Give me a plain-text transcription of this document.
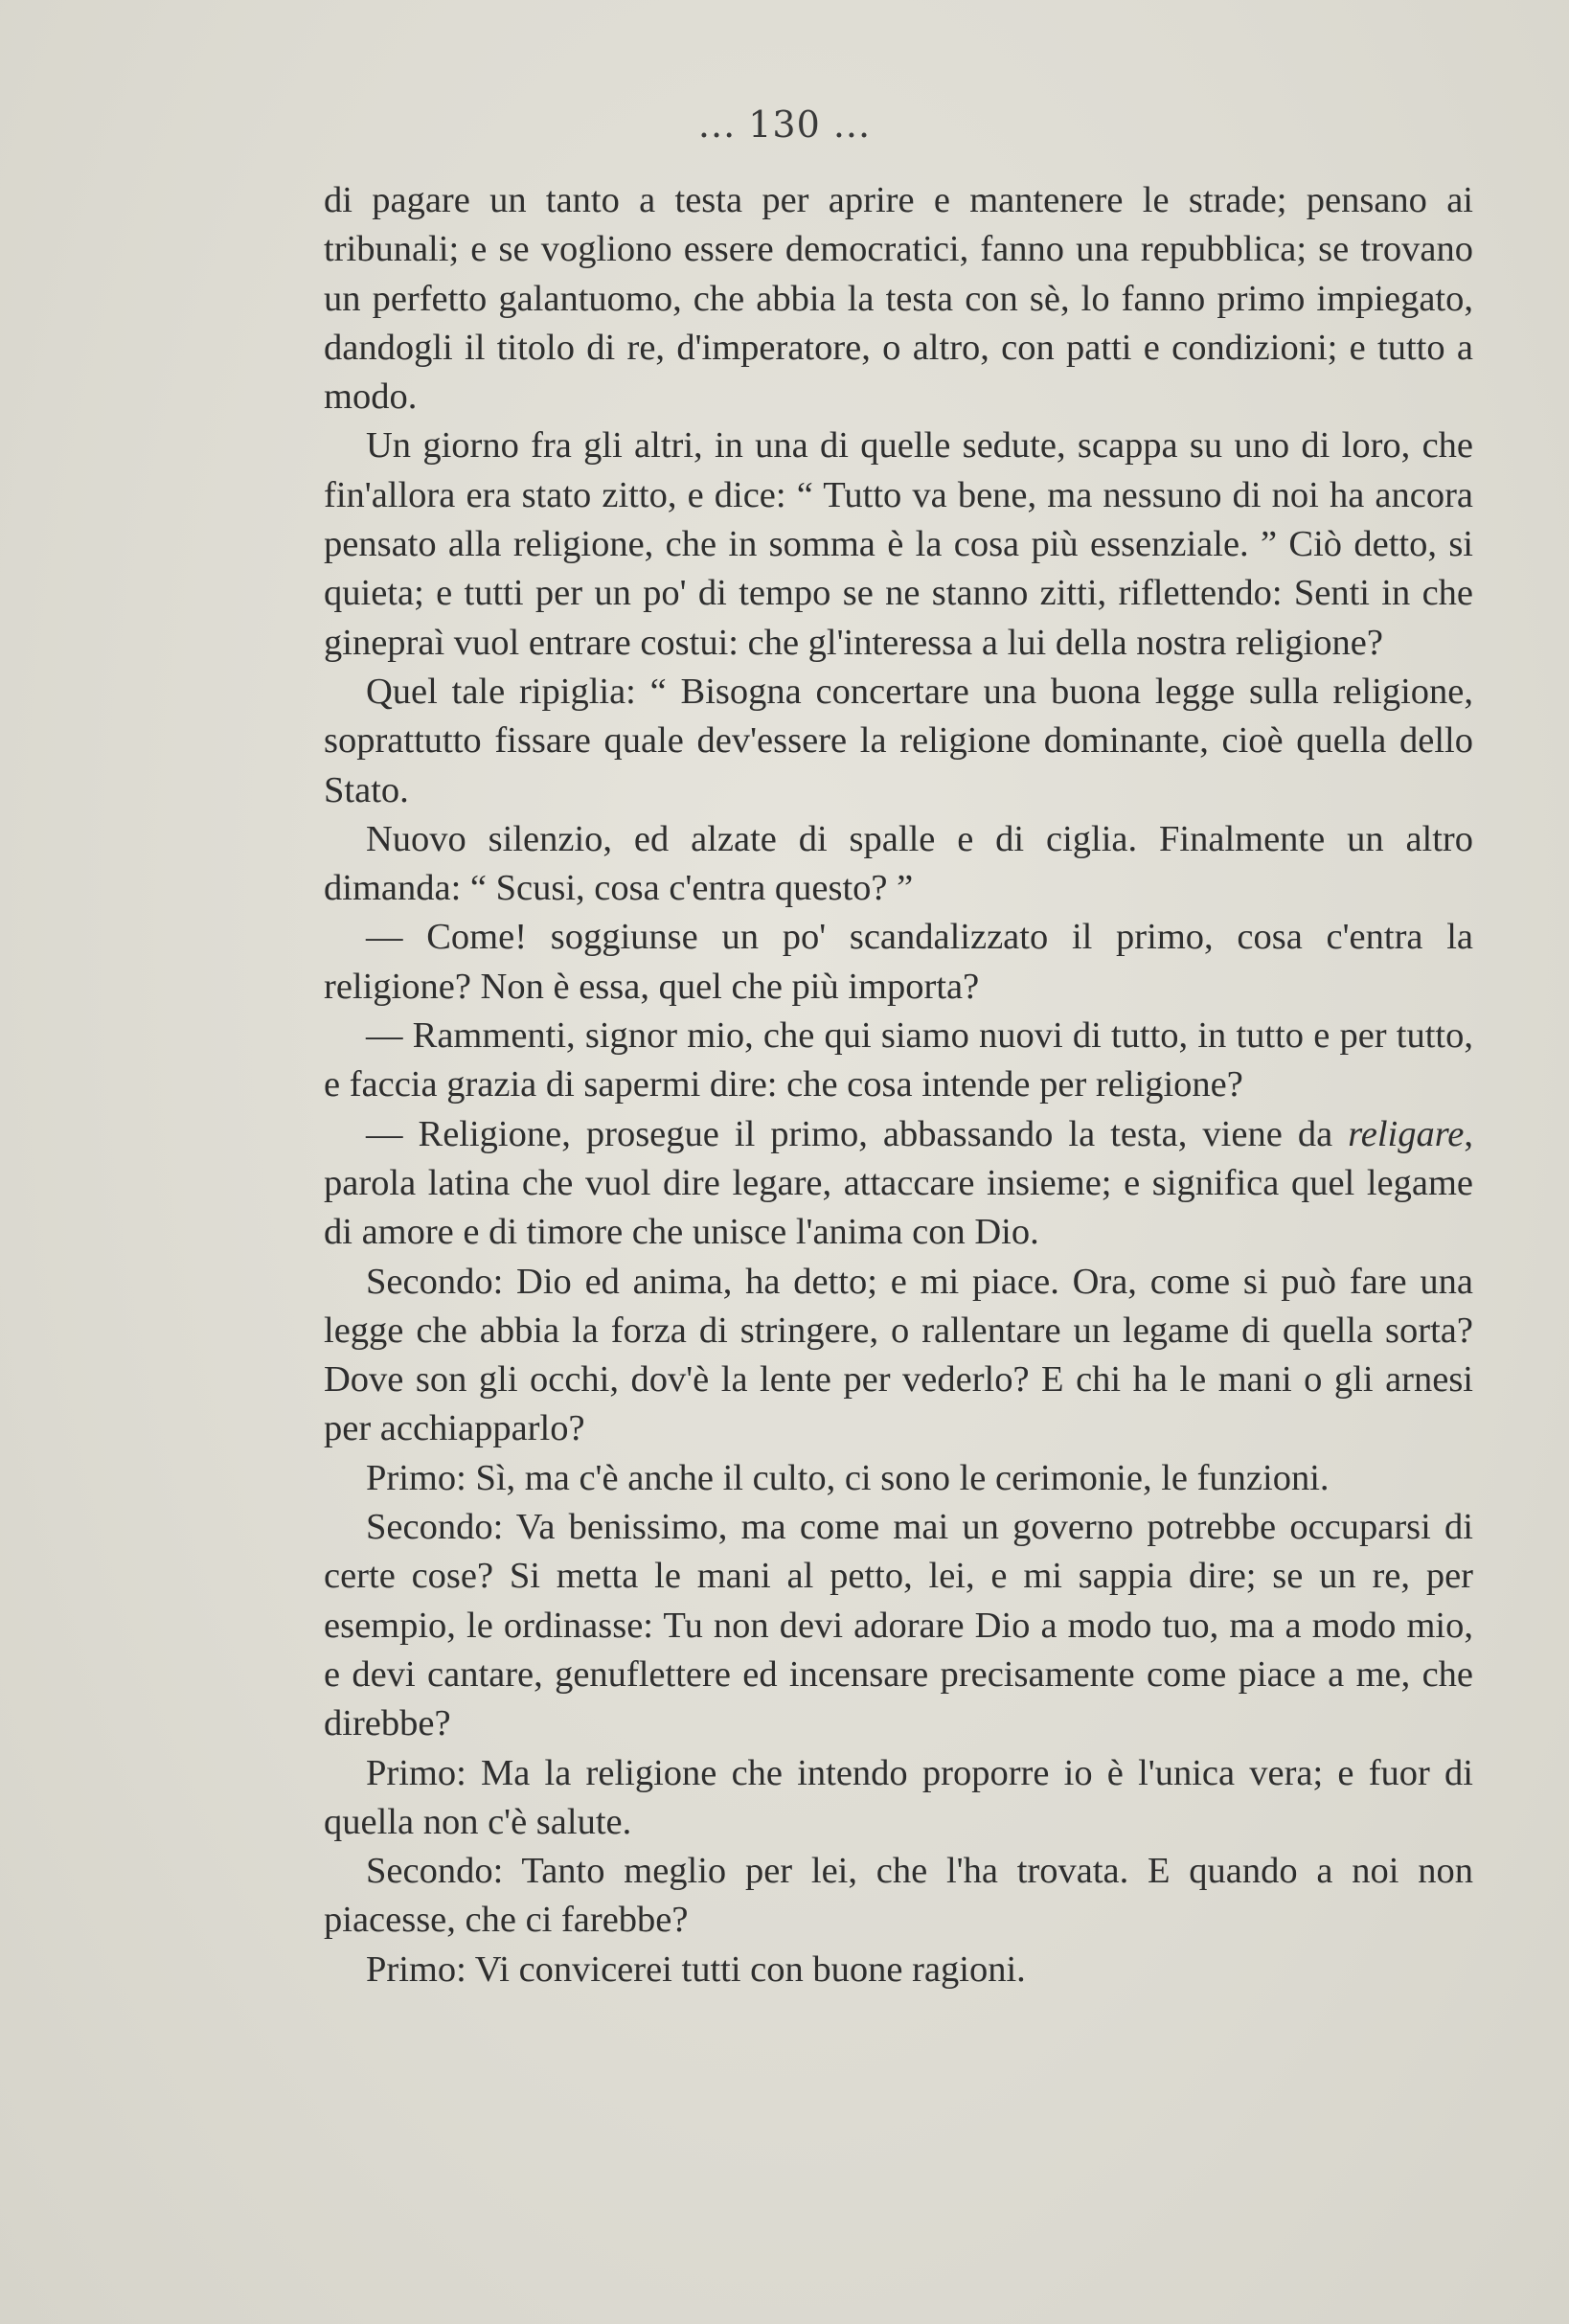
... 130 ...

di pagare un tanto a testa per aprire e mantenere le strade; pensano ai tribunali; e se vogliono essere democratici, fanno una repubblica; se trovano un perfetto galantuomo, che abbia la testa con sè, lo fanno primo impiegato, dandogli il titolo di re, d'imperatore, o altro, con patti e condizioni; e tutto a modo.

Un giorno fra gli altri, in una di quelle sedute, scappa su uno di loro, che fin'allora era stato zitto, e dice: “ Tutto va bene, ma nessuno di noi ha ancora pensato alla religione, che in somma è la cosa più essenziale. ” Ciò detto, si quieta; e tutti per un po' di tempo se ne stanno zitti, riflettendo: Senti in che ginepraì vuol entrare costui: che gl'interessa a lui della nostra religione?

Quel tale ripiglia: “ Bisogna concertare una buona legge sulla religione, soprattutto fissare quale dev'essere la religione dominante, cioè quella dello Stato.

Nuovo silenzio, ed alzate di spalle e di ciglia. Finalmente un altro dimanda: “ Scusi, cosa c'entra questo? ”

— Come! soggiunse un po' scandalizzato il primo, cosa c'entra la religione? Non è essa, quel che più importa?

— Rammenti, signor mio, che qui siamo nuovi di tutto, in tutto e per tutto, e faccia grazia di sapermi dire: che cosa intende per religione?

— Religione, prosegue il primo, abbassando la testa, viene da religare, parola latina che vuol dire legare, attaccare insieme; e significa quel legame di amore e di timore che unisce l'anima con Dio.

Secondo: Dio ed anima, ha detto; e mi piace. Ora, come si può fare una legge che abbia la forza di stringere, o rallentare un legame di quella sorta? Dove son gli occhi, dov'è la lente per vederlo? E chi ha le mani o gli arnesi per acchiapparlo?

Primo: Sì, ma c'è anche il culto, ci sono le cerimonie, le funzioni.

Secondo: Va benissimo, ma come mai un governo potrebbe occuparsi di certe cose? Si metta le mani al petto, lei, e mi sappia dire; se un re, per esempio, le ordinasse: Tu non devi adorare Dio a modo tuo, ma a modo mio, e devi cantare, genuflettere ed incensare precisamente come piace a me, che direbbe?

Primo: Ma la religione che intendo proporre io è l'unica vera; e fuor di quella non c'è salute.

Secondo: Tanto meglio per lei, che l'ha trovata. E quando a noi non piacesse, che ci farebbe?

Primo: Vi convicerei tutti con buone ragioni.
